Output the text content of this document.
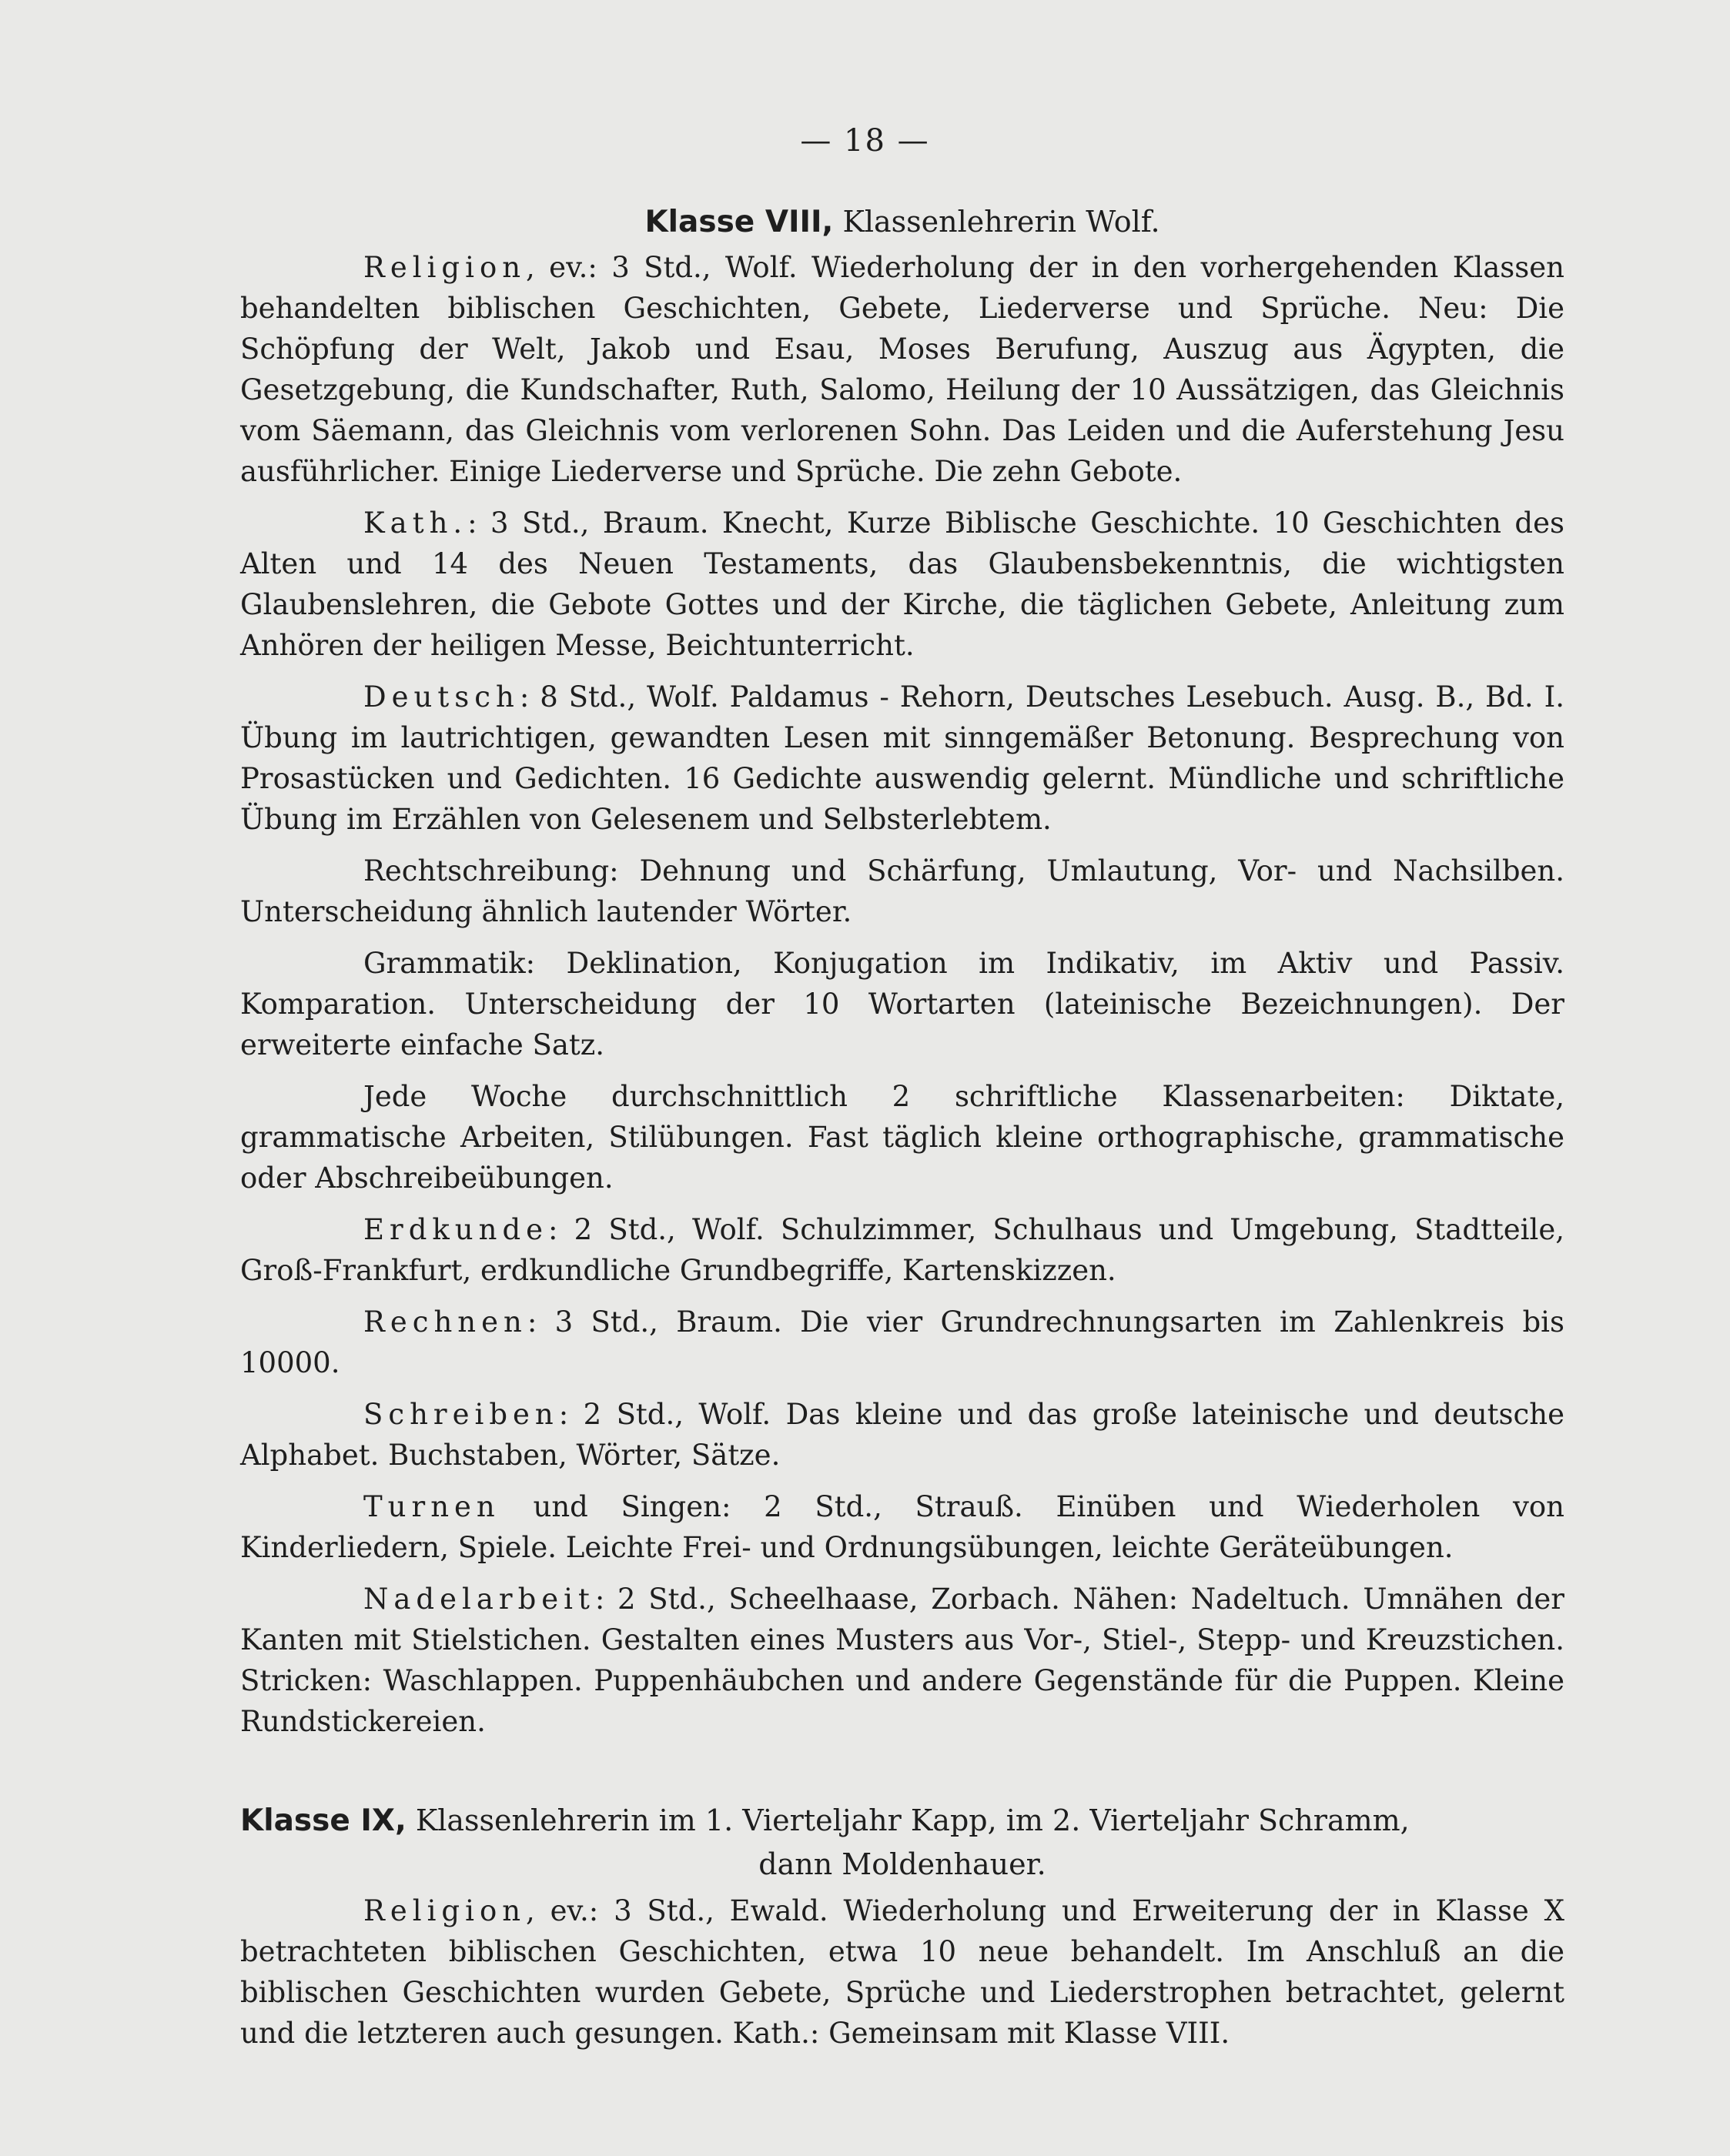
— 18 —
Klasse VIII, Klassenlehrerin Wolf.

Religion, ev.: 3 Std., Wolf. Wiederholung der in den vorhergehenden Klassen behandelten biblischen Geschichten, Gebete, Liederverse und Sprüche. Neu: Die Schöpfung der Welt, Jakob und Esau, Moses Berufung, Auszug aus Ägypten, die Gesetzgebung, die Kundschafter, Ruth, Salomo, Heilung der 10 Aussätzigen, das Gleichnis vom Säemann, das Gleichnis vom verlorenen Sohn. Das Leiden und die Auferstehung Jesu ausführlicher. Einige Liederverse und Sprüche. Die zehn Gebote.

Kath.: 3 Std., Braum. Knecht, Kurze Biblische Geschichte. 10 Geschichten des Alten und 14 des Neuen Testaments, das Glaubensbekenntnis, die wichtigsten Glaubenslehren, die Gebote Gottes und der Kirche, die täglichen Gebete, Anleitung zum Anhören der heiligen Messe, Beichtunterricht.

Deutsch: 8 Std., Wolf. Paldamus - Rehorn, Deutsches Lesebuch. Ausg. B., Bd. I. Übung im lautrichtigen, gewandten Lesen mit sinngemäßer Betonung. Besprechung von Prosastücken und Gedichten. 16 Gedichte auswendig gelernt. Mündliche und schriftliche Übung im Erzählen von Gelesenem und Selbsterlebtem.

Rechtschreibung: Dehnung und Schärfung, Umlautung, Vor- und Nachsilben. Unterscheidung ähnlich lautender Wörter.

Grammatik: Deklination, Konjugation im Indikativ, im Aktiv und Passiv. Komparation. Unterscheidung der 10 Wortarten (lateinische Bezeichnungen). Der erweiterte einfache Satz.

Jede Woche durchschnittlich 2 schriftliche Klassenarbeiten: Diktate, grammatische Arbeiten, Stilübungen. Fast täglich kleine orthographische, grammatische oder Abschreibeübungen.

Erdkunde: 2 Std., Wolf. Schulzimmer, Schulhaus und Umgebung, Stadtteile, Groß-Frankfurt, erdkundliche Grundbegriffe, Kartenskizzen.

Rechnen: 3 Std., Braum. Die vier Grundrechnungsarten im Zahlenkreis bis 10000.

Schreiben: 2 Std., Wolf. Das kleine und das große lateinische und deutsche Alphabet. Buchstaben, Wörter, Sätze.

Turnen und Singen: 2 Std., Strauß. Einüben und Wiederholen von Kinderliedern, Spiele. Leichte Frei- und Ordnungsübungen, leichte Geräteübungen.

Nadelarbeit: 2 Std., Scheelhaase, Zorbach. Nähen: Nadeltuch. Umnähen der Kanten mit Stielstichen. Gestalten eines Musters aus Vor-, Stiel-, Stepp- und Kreuzstichen. Stricken: Waschlappen. Puppenhäubchen und andere Gegenstände für die Puppen. Kleine Rundstickereien.

Klasse IX, Klassenlehrerin im 1. Vierteljahr Kapp, im 2. Vierteljahr Schramm,
dann Moldenhauer.

Religion, ev.: 3 Std., Ewald. Wiederholung und Erweiterung der in Klasse X betrachteten biblischen Geschichten, etwa 10 neue behandelt. Im Anschluß an die biblischen Geschichten wurden Gebete, Sprüche und Liederstrophen betrachtet, gelernt und die letzteren auch gesungen. Kath.: Gemeinsam mit Klasse VIII.
